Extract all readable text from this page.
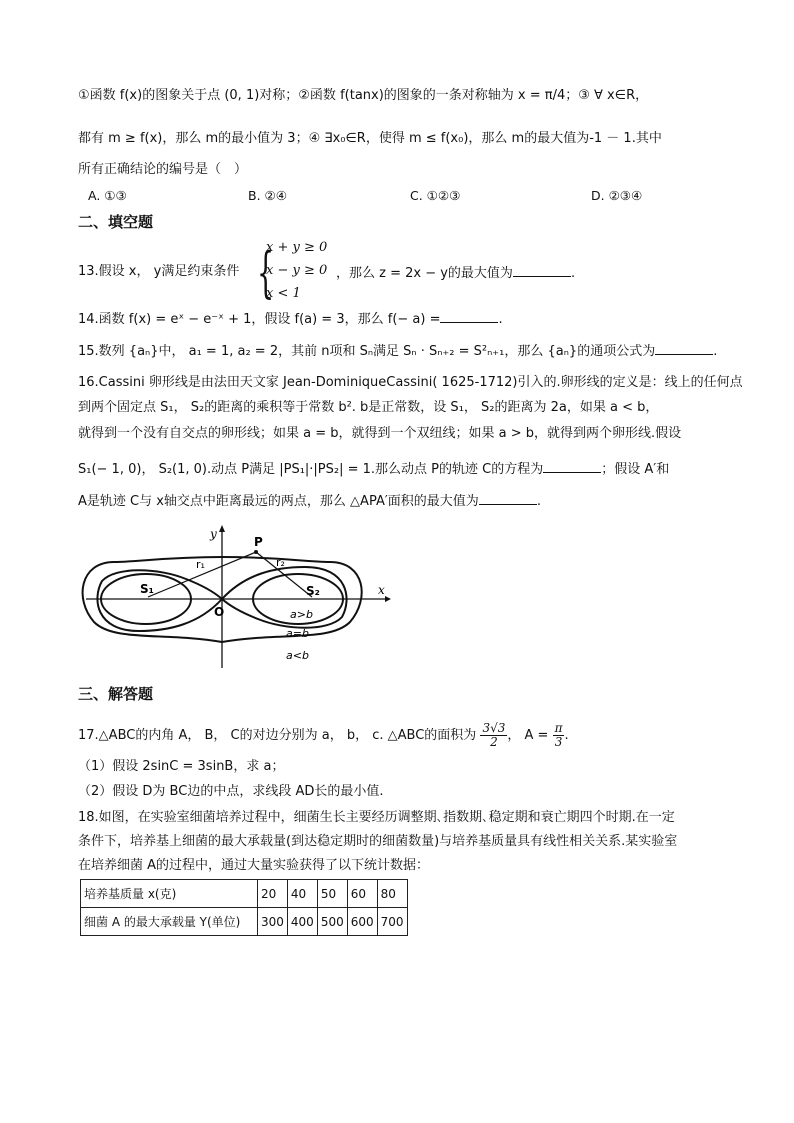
①函数 f(x)的图象关于点 (0, 1)对称；②函数 f(tanx)的图象的一条对称轴为 x = π/4；③ ∀ x∈R，
都有 m ≥ f(x)，那么 m的最小值为 3；④ ∃x₀∈R，使得 m ≤ f(x₀)，那么 m的最大值为-1 － 1.其中
所有正确结论的编号是（　）
A. ①③	B. ②④	C. ①②③	D. ②③④
二、填空题
13.假设 x， y满足约束条件 {
x + y ≥ 0
x − y ≥ 0
x < 1
，那么 z = 2x − y的最大值为	.
14.函数 f(x) = eˣ − e⁻ˣ + 1，假设 f(a) = 3，那么 f(− a) =	.
15.数列 {aₙ}中， a₁ = 1, a₂ = 2，其前 n项和 Sₙ满足 Sₙ · Sₙ₊₂ = S²ₙ₊₁，那么 {aₙ}的通项公式为	.
16.Cassini 卵形线是由法田天文家 Jean-DominiqueCassini( 1625-1712)引入的.卵形线的定义是：线上的任何点
到两个固定点 S₁， S₂的距离的乘积等于常数 b². b是正常数，设 S₁， S₂的距离为 2a，如果 a < b，
就得到一个没有自交点的卵形线；如果 a = b，就得到一个双纽线；如果 a > b，就得到两个卵形线.假设
S₁(− 1, 0)， S₂(1, 0).动点 P满足 |PS₁|·|PS₂| = 1.那么动点 P的轨迹 C的方程为	；假设 A′和
A是轨迹 C与 x轴交点中距离最远的两点，那么 △APA′面积的最大值为	.
y
x
P
O
r₁	r₂
S₁	S₂
a>b
a=b
a<b
三、解答题
17.△ABC的内角 A， B， C的对边分别为 a， b， c. △ABC的面积为 $\frac{3√3}{2}$ ， $A = \frac{\pi}{3}$ .
（1）假设 2sinC = 3sinB，求 a；
（2）假设 D为 BC边的中点，求线段 AD长的最小值.
18.如图，在实验室细菌培养过程中，细菌生长主要经历调整期､指数期､稳定期和衰亡期四个时期.在一定
条件下，培养基上细菌的最大承载量(到达稳定期时的细菌数量)与培养基质量具有线性相关关系.某实验室
在培养细菌 A的过程中，通过大量实验获得了以下统计数据：
培养基质量 x(克)	20	40	50	60	80
细菌 A 的最大承载量 Y(单位)	300	400	500	600	700
